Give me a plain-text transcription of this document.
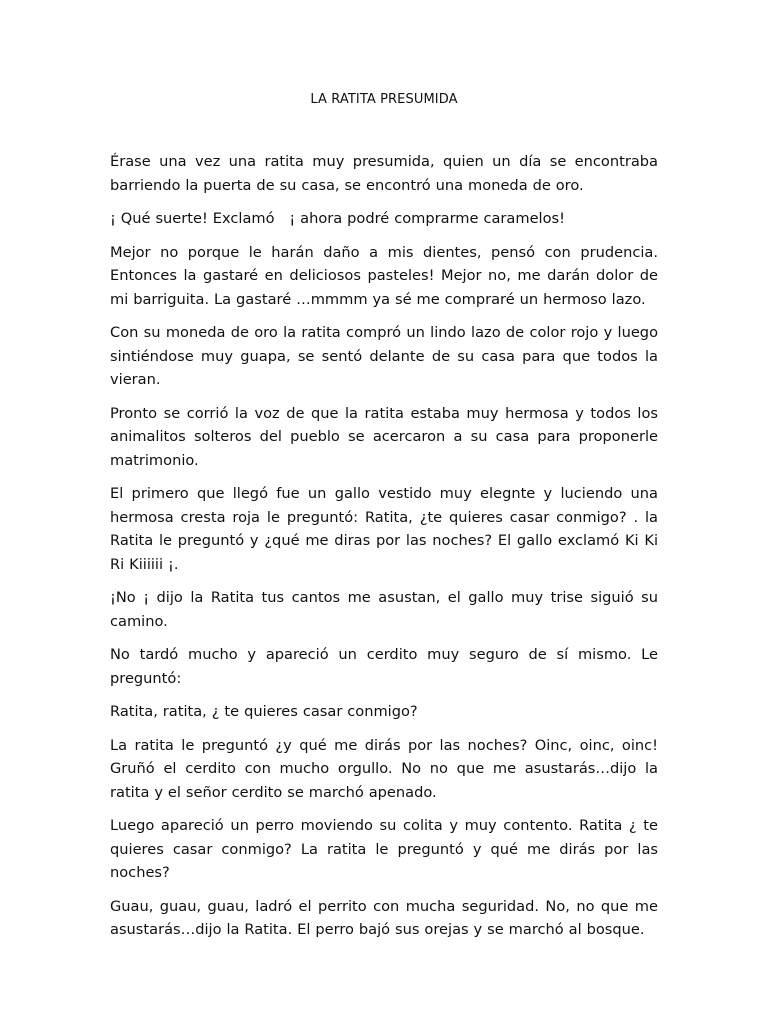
LA RATITA PRESUMIDA

Érase una vez una ratita muy presumida, quien un día se encontraba barriendo la puerta de su casa, se encontró una moneda de oro.

¡ Qué suerte! Exclamó   ¡ ahora podré comprarme caramelos!

Mejor no porque le harán daño a mis dientes, pensó con prudencia. Entonces la gastaré en deliciosos pasteles! Mejor no, me darán dolor de mi barriguita. La gastaré …mmmm ya sé me compraré un hermoso lazo.

Con su moneda de oro la ratita compró un lindo lazo de color rojo y luego sintiéndose muy guapa, se sentó delante de su casa para que todos la vieran.

Pronto se corrió la voz de que la ratita estaba muy hermosa y todos los animalitos solteros del pueblo se acercaron a su casa para proponerle matrimonio.

El primero que llegó fue un gallo vestido muy elegnte y luciendo una hermosa cresta roja le preguntó: Ratita, ¿te quieres casar conmigo? . la Ratita le preguntó y ¿qué me diras por las noches? El gallo exclamó Ki Ki Ri Kiiiiii ¡.

¡No ¡ dijo la Ratita tus cantos me asustan, el gallo muy trise siguió su camino.

No tardó mucho y apareció un cerdito muy seguro de sí mismo. Le preguntó:

Ratita, ratita, ¿ te quieres casar conmigo?

La ratita le preguntó ¿y qué me dirás por las noches? Oinc, oinc, oinc! Gruñó el cerdito con mucho orgullo. No no que me asustarás…dijo la ratita y el señor cerdito se marchó apenado.

Luego apareció un perro moviendo su colita y muy contento. Ratita ¿ te quieres casar conmigo? La ratita le preguntó y qué me dirás por las noches?

Guau, guau, guau, ladró el perrito con mucha seguridad. No, no que me asustarás…dijo la Ratita. El perro bajó sus orejas y se marchó al bosque.
